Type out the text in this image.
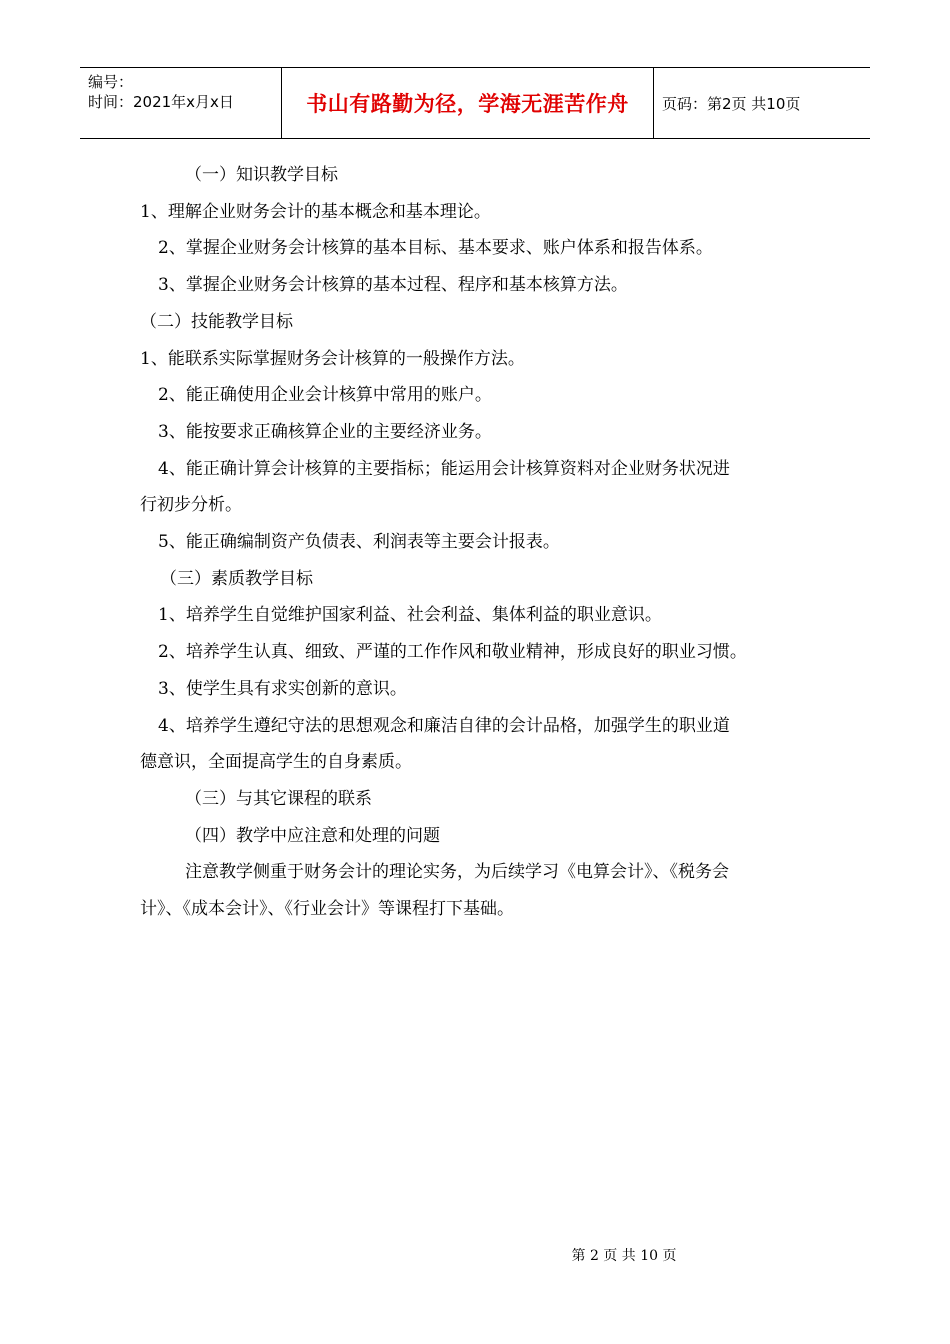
编号：
时间：2021年x月x日	书山有路勤为径，学海无涯苦作舟	页码：第2页 共10页

（一）知识教学目标

1、理解企业财务会计的基本概念和基本理论。

2、掌握企业财务会计核算的基本目标、基本要求、账户体系和报告体系。

3、掌握企业财务会计核算的基本过程、程序和基本核算方法。

（二）技能教学目标

1、能联系实际掌握财务会计核算的一般操作方法。

2、能正确使用企业会计核算中常用的账户。

3、能按要求正确核算企业的主要经济业务。

4、能正确计算会计核算的主要指标；能运用会计核算资料对企业财务状况进

行初步分析。

5、能正确编制资产负债表、利润表等主要会计报表。

（三）素质教学目标

1、培养学生自觉维护国家利益、社会利益、集体利益的职业意识。

2、培养学生认真、细致、严谨的工作作风和敬业精神，形成良好的职业习惯。

3、使学生具有求实创新的意识。

4、培养学生遵纪守法的思想观念和廉洁自律的会计品格，加强学生的职业道

德意识，全面提高学生的自身素质。

（三）与其它课程的联系

（四）教学中应注意和处理的问题

注意教学侧重于财务会计的理论实务，为后续学习《电算会计》、《税务会

计》、《成本会计》、《行业会计》等课程打下基础。

第 2 页 共 10 页
